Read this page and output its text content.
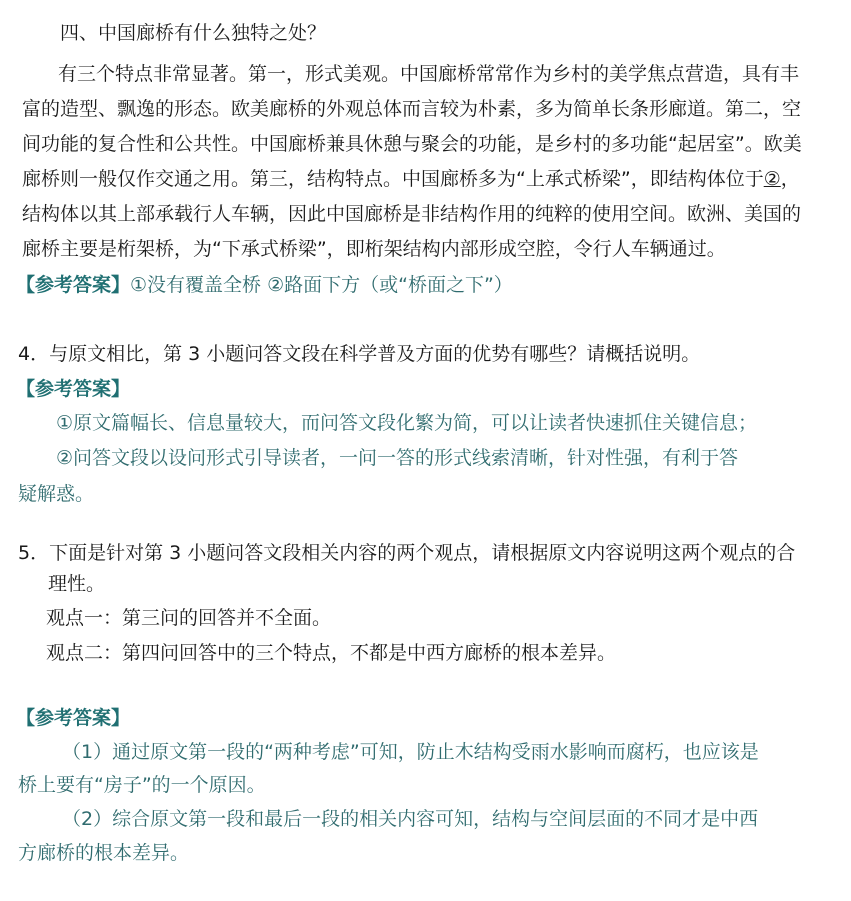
四、中国廊桥有什么独特之处？
有三个特点非常显著。第一，形式美观。中国廊桥常常作为乡村的美学焦点营造，具有丰
富的造型、飘逸的形态。欧美廊桥的外观总体而言较为朴素，多为简单长条形廊道。第二，空
间功能的复合性和公共性。中国廊桥兼具休憩与聚会的功能，是乡村的多功能“起居室”。欧美
廊桥则一般仅作交通之用。第三，结构特点。中国廊桥多为“上承式桥梁”，即结构体位于②，
结构体以其上部承载行人车辆，因此中国廊桥是非结构作用的纯粹的使用空间。欧洲、美国的
廊桥主要是桁架桥，为“下承式桥梁”，即桁架结构内部形成空腔，令行人车辆通过。
【参考答案】①没有覆盖全桥 ②路面下方（或“桥面之下”）
4．与原文相比，第 3 小题问答文段在科学普及方面的优势有哪些？请概括说明。
【参考答案】
①原文篇幅长、信息量较大，而问答文段化繁为简，可以让读者快速抓住关键信息；
②问答文段以设问形式引导读者，一问一答的形式线索清晰，针对性强，有利于答
疑解惑。
5．下面是针对第 3 小题问答文段相关内容的两个观点，请根据原文内容说明这两个观点的合
理性。
观点一：第三问的回答并不全面。
观点二：第四问回答中的三个特点，不都是中西方廊桥的根本差异。
【参考答案】
（1）通过原文第一段的“两种考虑”可知，防止木结构受雨水影响而腐朽，也应该是
桥上要有“房子”的一个原因。
（2）综合原文第一段和最后一段的相关内容可知，结构与空间层面的不同才是中西
方廊桥的根本差异。
